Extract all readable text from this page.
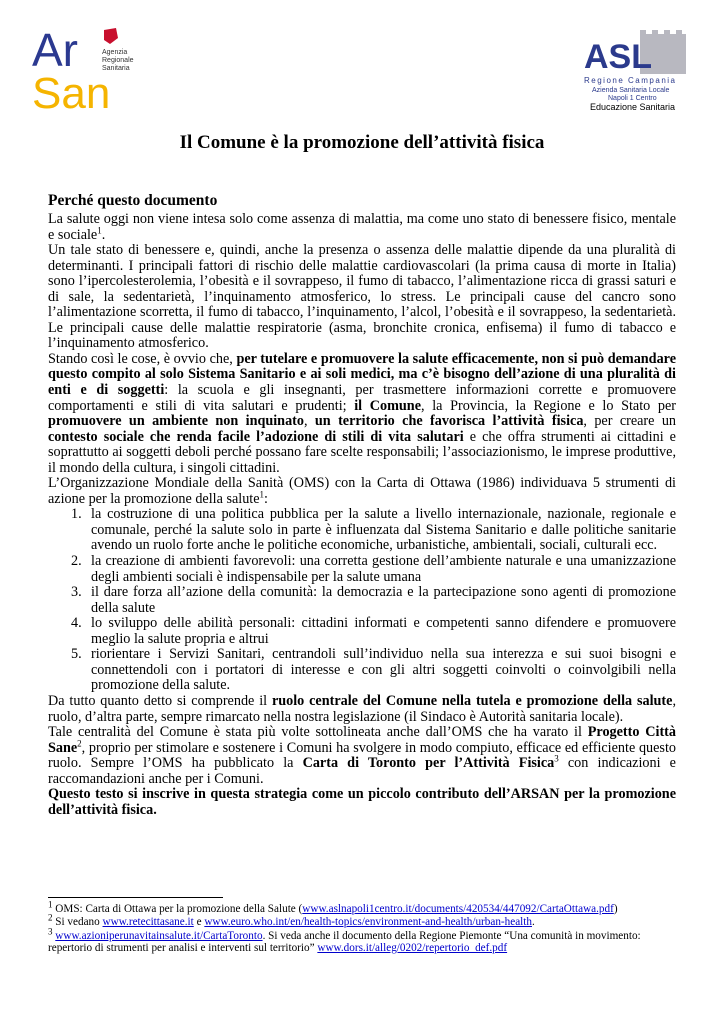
Ar
San
Agenzia
Regionale
Sanitaria	ASL
Regione Campania
Azienda Sanitaria Locale
Napoli 1 Centro
Educazione Sanitaria
Il Comune è la promozione dell’attività fisica
Perché questo documento

La salute oggi non viene intesa solo come assenza di malattia, ma come uno stato di benessere fisico, mentale e sociale$^1$.

Un tale stato di benessere e, quindi, anche la presenza o assenza delle malattie dipende da una pluralità di determinanti. I principali fattori di rischio delle malattie cardiovascolari (la prima causa di morte in Italia) sono l’ipercolesterolemia, l’obesità e il sovrappeso, il fumo di tabacco, l’alimentazione ricca di grassi saturi e di sale, la sedentarietà, l’inquinamento atmosferico, lo stress. Le principali cause del cancro sono l’alimentazione scorretta, il fumo di tabacco, l’inquinamento, l’alcol, l’obesità e il sovrappeso, la sedentarietà. Le principali cause delle malattie respiratorie (asma, bronchite cronica, enfisema) il fumo di tabacco e l’inquinamento atmosferico.

Stando così le cose, è ovvio che, per tutelare e promuovere la salute efficacemente, non si può demandare questo compito al solo Sistema Sanitario e ai soli medici, ma c’è bisogno dell’azione di una pluralità di enti e di soggetti: la scuola e gli insegnanti, per trasmettere informazioni corrette e promuovere comportamenti e stili di vita salutari e prudenti; il Comune, la Provincia, la Regione e lo Stato per promuovere un ambiente non inquinato, un territorio che favorisca l’attività fisica, per creare un contesto sociale che renda facile l’adozione di stili di vita salutari e che offra strumenti ai cittadini e soprattutto ai soggetti deboli perché possano fare scelte responsabili; l’associazionismo, le imprese produttive, il mondo della cultura, i singoli cittadini.

L’Organizzazione Mondiale della Sanità (OMS) con la Carta di Ottawa (1986) individuava 5 strumenti di azione per la promozione della salute$^1$:

1. la costruzione di una politica pubblica per la salute a livello internazionale, nazionale, regionale e comunale, perché la salute solo in parte è influenzata dal Sistema Sanitario e dalle politiche sanitarie avendo un ruolo forte anche le politiche economiche, urbanistiche, ambientali, sociali, culturali ecc.
2. la creazione di ambienti favorevoli: una corretta gestione dell’ambiente naturale e una umanizzazione degli ambienti sociali è indispensabile per la salute umana
3. il dare forza all’azione della comunità: la democrazia e la partecipazione sono agenti di promozione della salute
4. lo sviluppo delle abilità personali: cittadini informati e competenti sanno difendere e promuovere meglio la salute propria e altrui
5. riorientare i Servizi Sanitari, centrandoli sull’individuo nella sua interezza e sui suoi bisogni e connettendoli con i portatori di interesse e con gli altri soggetti coinvolti o coinvolgibili nella promozione della salute.

Da tutto quanto detto si comprende il ruolo centrale del Comune nella tutela e promozione della salute, ruolo, d’altra parte, sempre rimarcato nella nostra legislazione (il Sindaco è Autorità sanitaria locale).

Tale centralità del Comune è stata più volte sottolineata anche dall’OMS che ha varato il Progetto Città Sane$^2$, proprio per stimolare e sostenere i Comuni ha svolgere in modo compiuto, efficace ed efficiente questo ruolo. Sempre l’OMS ha pubblicato la Carta di Toronto per l’Attività Fisica$^3$ con indicazioni e raccomandazioni anche per i Comuni.

Questo testo si inscrive in questa strategia come un piccolo contributo dell’ARSAN per la promozione dell’attività fisica.

$^1$ OMS: Carta di Ottawa per la promozione della Salute (www.aslnapoli1centro.it/documents/420534/447092/CartaOttawa.pdf)

$^2$ Si vedano www.retecittasane.it e www.euro.who.int/en/health-topics/environment-and-health/urban-health.

$^3$ www.azioniperunavitainsalute.it/CartaToronto. Si veda anche il documento della Regione Piemonte “Una comunità in movimento: repertorio di strumenti per analisi e interventi sul territorio” www.dors.it/alleg/0202/repertorio_def.pdf
